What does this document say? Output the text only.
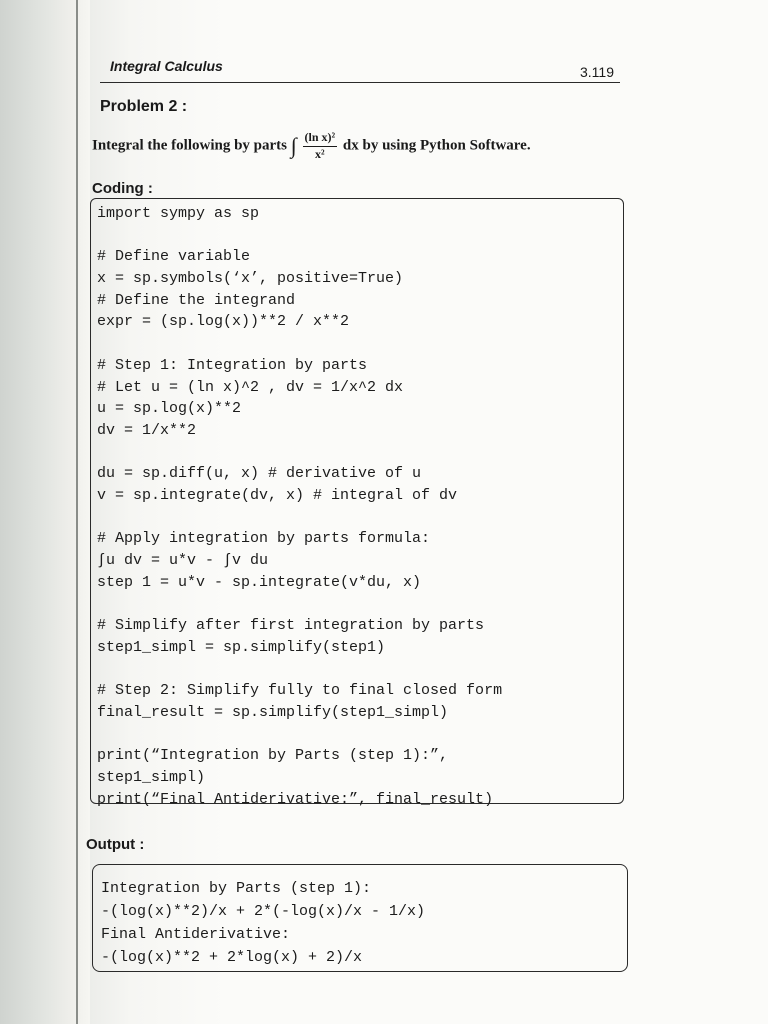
Integral Calculus	3.119
Problem 2 :
Integral the following by parts ∫ $\frac{\text{(ln x)²}}{\text{x²}}$ dx by using Python Software.
Coding :
import sympy as sp
# Define variable
x = sp.symbols(‘x’, positive=True)
# Define the integrand
expr = (sp.log(x))**2 / x**2
# Step 1: Integration by parts
# Let u = (ln x)^2 , dv = 1/x^2 dx
u = sp.log(x)**2
dv = 1/x**2
du = sp.diff(u, x) # derivative of u
v = sp.integrate(dv, x) # integral of dv
# Apply integration by parts formula:
∫u dv = u*v - ∫v du
step 1 = u*v - sp.integrate(v*du, x)
# Simplify after first integration by parts
step1_simpl = sp.simplify(step1)
# Step 2: Simplify fully to final closed form
final_result = sp.simplify(step1_simpl)
print(“Integration by Parts (step 1):”,
step1_simpl)
print(“Final Antiderivative:”, final_result)
Output :
Integration by Parts (step 1):
-(log(x)**2)/x + 2*(-log(x)/x - 1/x)
Final Antiderivative:
-(log(x)**2 + 2*log(x) + 2)/x
